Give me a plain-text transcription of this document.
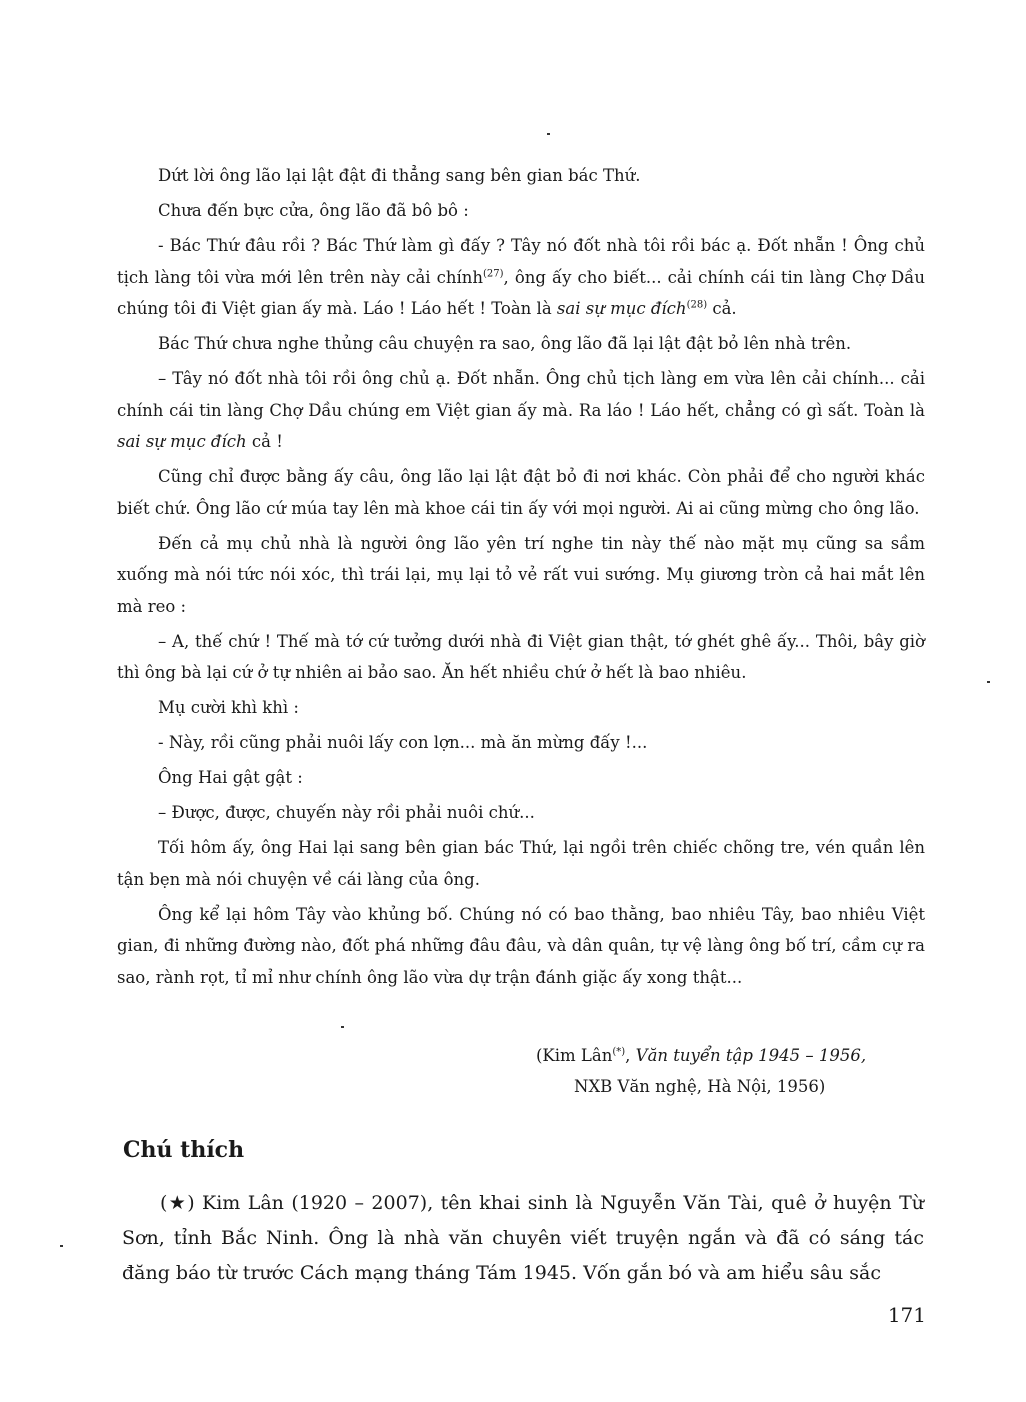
Dứt lời ông lão lại lật đật đi thẳng sang bên gian bác Thứ.

Chưa đến bực cửa, ông lão đã bô bô :

- Bác Thứ đâu rồi ? Bác Thứ làm gì đấy ? Tây nó đốt nhà tôi rồi bác ạ. Đốt nhẵn ! Ông chủ tịch làng tôi vừa mới lên trên này cải chính$^{(27)}$, ông ấy cho biết... cải chính cái tin làng Chợ Dầu chúng tôi đi Việt gian ấy mà. Láo ! Láo hết ! Toàn là sai sự mục đích$^{(28)}$ cả.

Bác Thứ chưa nghe thủng câu chuyện ra sao, ông lão đã lại lật đật bỏ lên nhà trên.

– Tây nó đốt nhà tôi rồi ông chủ ạ. Đốt nhẵn. Ông chủ tịch làng em vừa lên cải chính... cải chính cái tin làng Chợ Dầu chúng em Việt gian ấy mà. Ra láo ! Láo hết, chẳng có gì sất. Toàn là sai sự mục đích cả !

Cũng chỉ được bằng ấy câu, ông lão lại lật đật bỏ đi nơi khác. Còn phải để cho người khác biết chứ. Ông lão cứ múa tay lên mà khoe cái tin ấy với mọi người. Ai ai cũng mừng cho ông lão.

Đến cả mụ chủ nhà là người ông lão yên trí nghe tin này thế nào mặt mụ cũng sa sầm xuống mà nói tức nói xóc, thì trái lại, mụ lại tỏ vẻ rất vui sướng. Mụ giương tròn cả hai mắt lên mà reo :

– A, thế chứ ! Thế mà tớ cứ tưởng dưới nhà đi Việt gian thật, tớ ghét ghê ấy... Thôi, bây giờ thì ông bà lại cứ ở tự nhiên ai bảo sao. Ăn hết nhiều chứ ở hết là bao nhiêu.

Mụ cười khì khì :

- Này, rồi cũng phải nuôi lấy con lợn... mà ăn mừng đấy !...

Ông Hai gật gật :

– Được, được, chuyến này rồi phải nuôi chứ...

Tối hôm ấy, ông Hai lại sang bên gian bác Thứ, lại ngồi trên chiếc chõng tre, vén quần lên tận bẹn mà nói chuyện về cái làng của ông.

Ông kể lại hôm Tây vào khủng bố. Chúng nó có bao thằng, bao nhiêu Tây, bao nhiêu Việt gian, đi những đường nào, đốt phá những đâu đâu, và dân quân, tự vệ làng ông bố trí, cầm cự ra sao, rành rọt, tỉ mỉ như chính ông lão vừa dự trận đánh giặc ấy xong thật...

(Kim Lân(*), Văn tuyển tập 1945 – 1956,
NXB Văn nghệ, Hà Nội, 1956)
Chú thích

(★) Kim Lân (1920 – 2007), tên khai sinh là Nguyễn Văn Tài, quê ở huyện Từ Sơn, tỉnh Bắc Ninh. Ông là nhà văn chuyên viết truyện ngắn và đã có sáng tác đăng báo từ trước Cách mạng tháng Tám 1945. Vốn gắn bó và am hiểu sâu sắc

171
